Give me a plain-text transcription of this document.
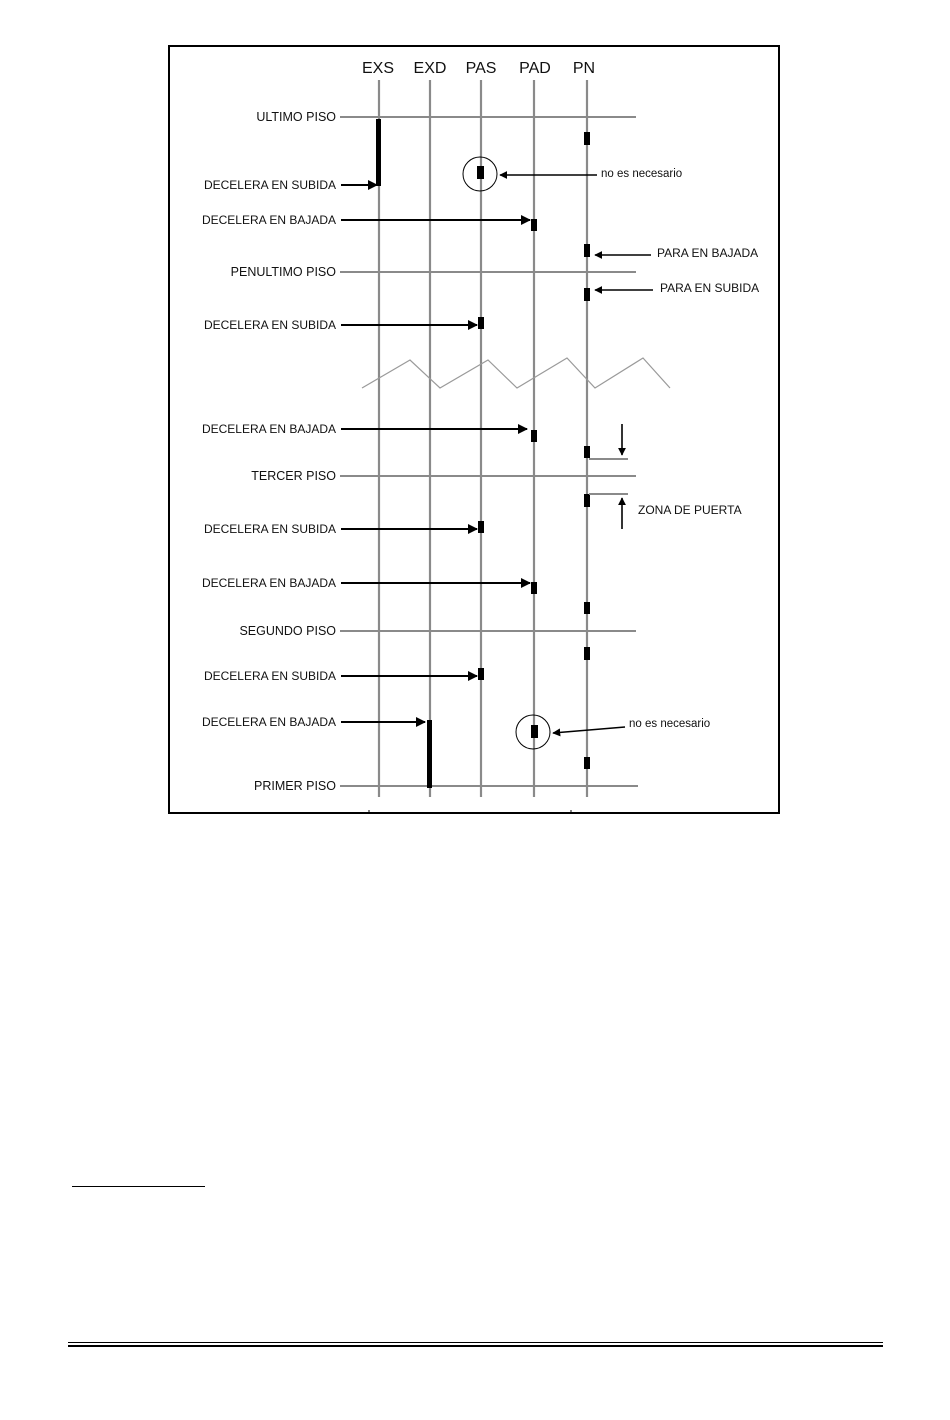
EXS EXD PAS PAD PN
ULTIMO PISO
PENULTIMO PISO
TERCER PISO
SEGUNDO PISO
PRIMER PISO
DECELERA EN SUBIDA
DECELERA EN BAJADA
DECELERA EN SUBIDA
DECELERA EN BAJADA
DECELERA EN SUBIDA
DECELERA EN BAJADA
DECELERA EN SUBIDA
DECELERA EN BAJADA
no es necesario
no es necesario
PARA EN BAJADA
PARA EN SUBIDA
ZONA DE PUERTA
